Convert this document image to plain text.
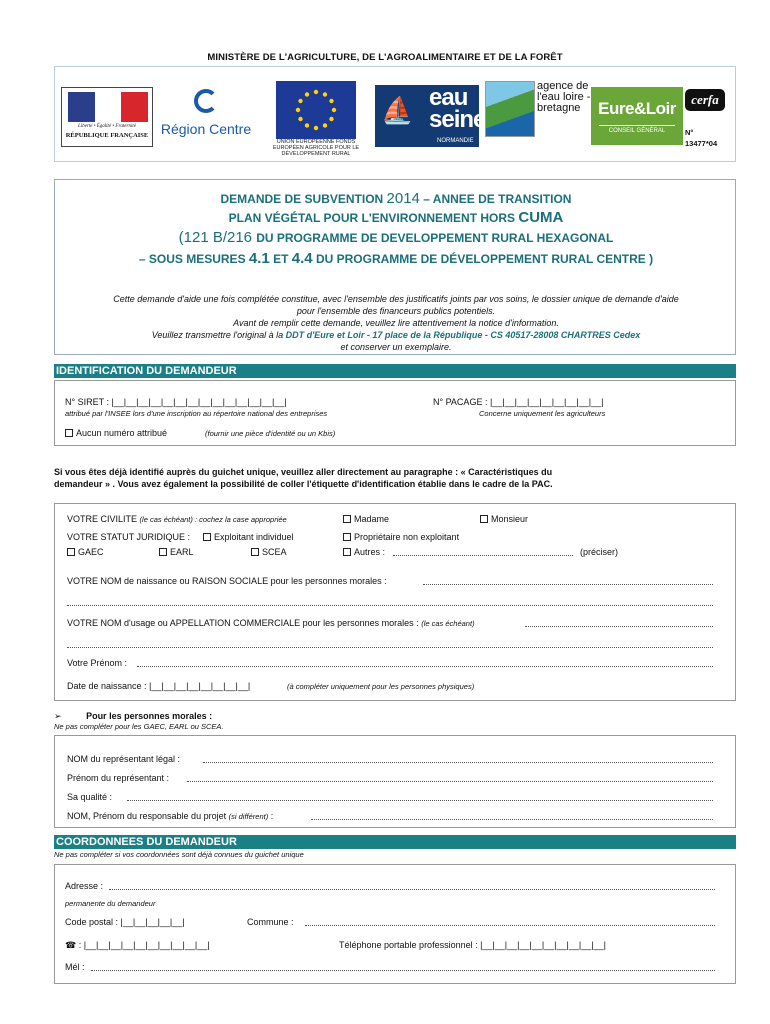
MINISTÈRE DE L'AGRICULTURE, DE L'AGROALIMENTAIRE ET DE LA FORÊT
Liberté • Égalité • Fraternité
RÉPUBLIQUE FRANÇAISE Région Centre
UNION EUROPÉENNE FONDS EUROPÉEN AGRICOLE POUR LE DÉVELOPPEMENT RURAL
⛵ eau seine
NORMANDIE
agence de l'eau loire - bretagne	Eure&Loir
CONSEIL GÉNÉRAL
cerfa
N°
13477*04
DEMANDE DE SUBVENTION 2014 – ANNEE DE TRANSITION
PLAN VÉGÉTAL POUR L'ENVIRONNEMENT HORS CUMA
(121 B/216 DU PROGRAMME DE DEVELOPPEMENT RURAL HEXAGONAL
– SOUS MESURES 4.1 ET 4.4 DU PROGRAMME DE DÉVELOPPEMENT RURAL CENTRE )
Cette demande d'aide une fois complétée constitue, avec l'ensemble des justificatifs joints par vos soins, le dossier unique de demande d'aide
pour l'ensemble des financeurs publics potentiels.
Avant de remplir cette demande, veuillez lire attentivement la notice d'information.
Veuillez transmettre l'original à la DDT d'Eure et Loir - 17 place de la République - CS 40517-28008 CHARTRES Cedex
et conserver un exemplaire.
IDENTIFICATION DU DEMANDEUR
N° SIRET : |__|__|__|__|__|__|__|__|__|__|__|__|__|__|
attribué par l'INSEE lors d'une inscription au répertoire national des entreprises
N° PACAGE : |__|__|__|__|__|__|__|__|__|
Concerne uniquement les agriculteurs
Aucun numéro attribué	(fournir une pièce d'identité ou un Kbis)
Si vous êtes déjà identifié auprès du guichet unique, veuillez aller directement au paragraphe : « Caractéristiques du
demandeur » . Vous avez également la possibilité de coller l'étiquette d'identification établie dans le cadre de la PAC.
VOTRE CIVILITE (le cas échéant) : cochez la case appropriée	Madame	Monsieur
VOTRE STATUT JURIDIQUE :	Exploitant individuel	Propriétaire non exploitant
GAEC	EARL	SCEA	Autres :	(préciser)
VOTRE NOM de naissance ou RAISON SOCIALE pour les personnes morales :
VOTRE NOM d'usage ou APPELLATION COMMERCIALE pour les personnes morales : (le cas échéant)
Votre Prénom :
Date de naissance : |__|__|__|__|__|__|__|__|	(à compléter uniquement pour les personnes physiques)
➢	Pour les personnes morales :
Ne pas compléter pour les GAEC, EARL ou SCEA.
NOM du représentant légal :
Prénom du représentant :
Sa qualité :
NOM, Prénom du responsable du projet (si différent) :
COORDONNEES DU DEMANDEUR
Ne pas compléter si vos coordonnées sont déjà connues du guichet unique
Adresse :
permanente du demandeur
Code postal : |__|__|__|__|__|	Commune :
☎ : |__|__|__|__|__|__|__|__|__|__|	Téléphone portable professionnel : |__|__|__|__|__|__|__|__|__|__|
Mél :
